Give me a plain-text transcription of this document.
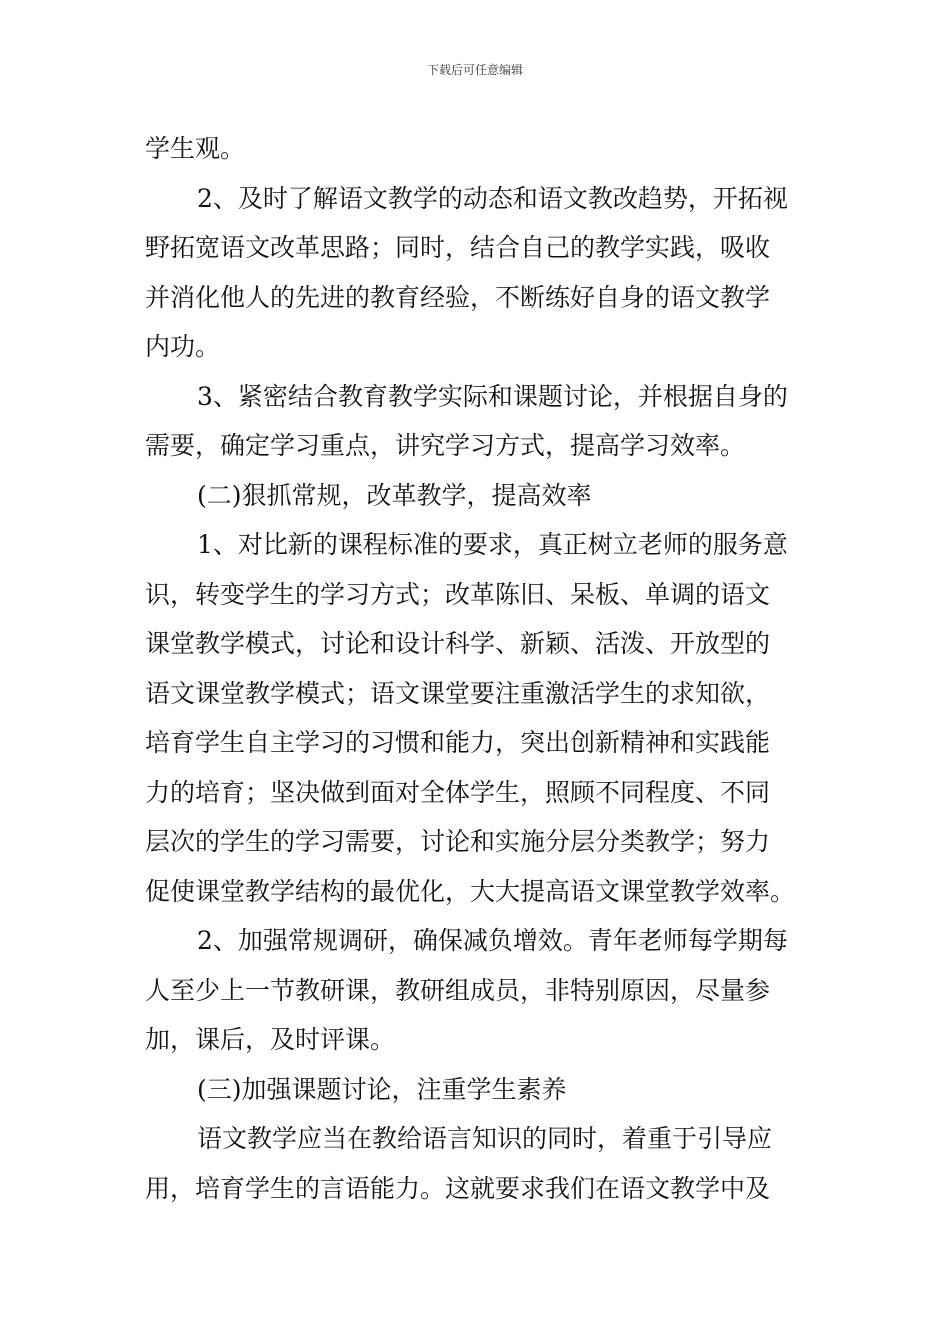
下载后可任意编辑
学生观。
2、及时了解语文教学的动态和语文教改趋势，开拓视
野拓宽语文改革思路；同时，结合自己的教学实践，吸收
并消化他人的先进的教育经验，不断练好自身的语文教学
内功。
3、紧密结合教育教学实际和课题讨论，并根据自身的
需要，确定学习重点，讲究学习方式，提高学习效率。
(二)狠抓常规，改革教学，提高效率
1、对比新的课程标准的要求，真正树立老师的服务意
识，转变学生的学习方式；改革陈旧、呆板、单调的语文
课堂教学模式，讨论和设计科学、新颖、活泼、开放型的
语文课堂教学模式；语文课堂要注重激活学生的求知欲，
培育学生自主学习的习惯和能力，突出创新精神和实践能
力的培育；坚决做到面对全体学生，照顾不同程度、不同
层次的学生的学习需要，讨论和实施分层分类教学；努力
促使课堂教学结构的最优化，大大提高语文课堂教学效率。
2、加强常规调研，确保减负增效。青年老师每学期每
人至少上一节教研课，教研组成员，非特别原因，尽量参
加，课后，及时评课。
(三)加强课题讨论，注重学生素养
语文教学应当在教给语言知识的同时，着重于引导应
用，培育学生的言语能力。这就要求我们在语文教学中及
